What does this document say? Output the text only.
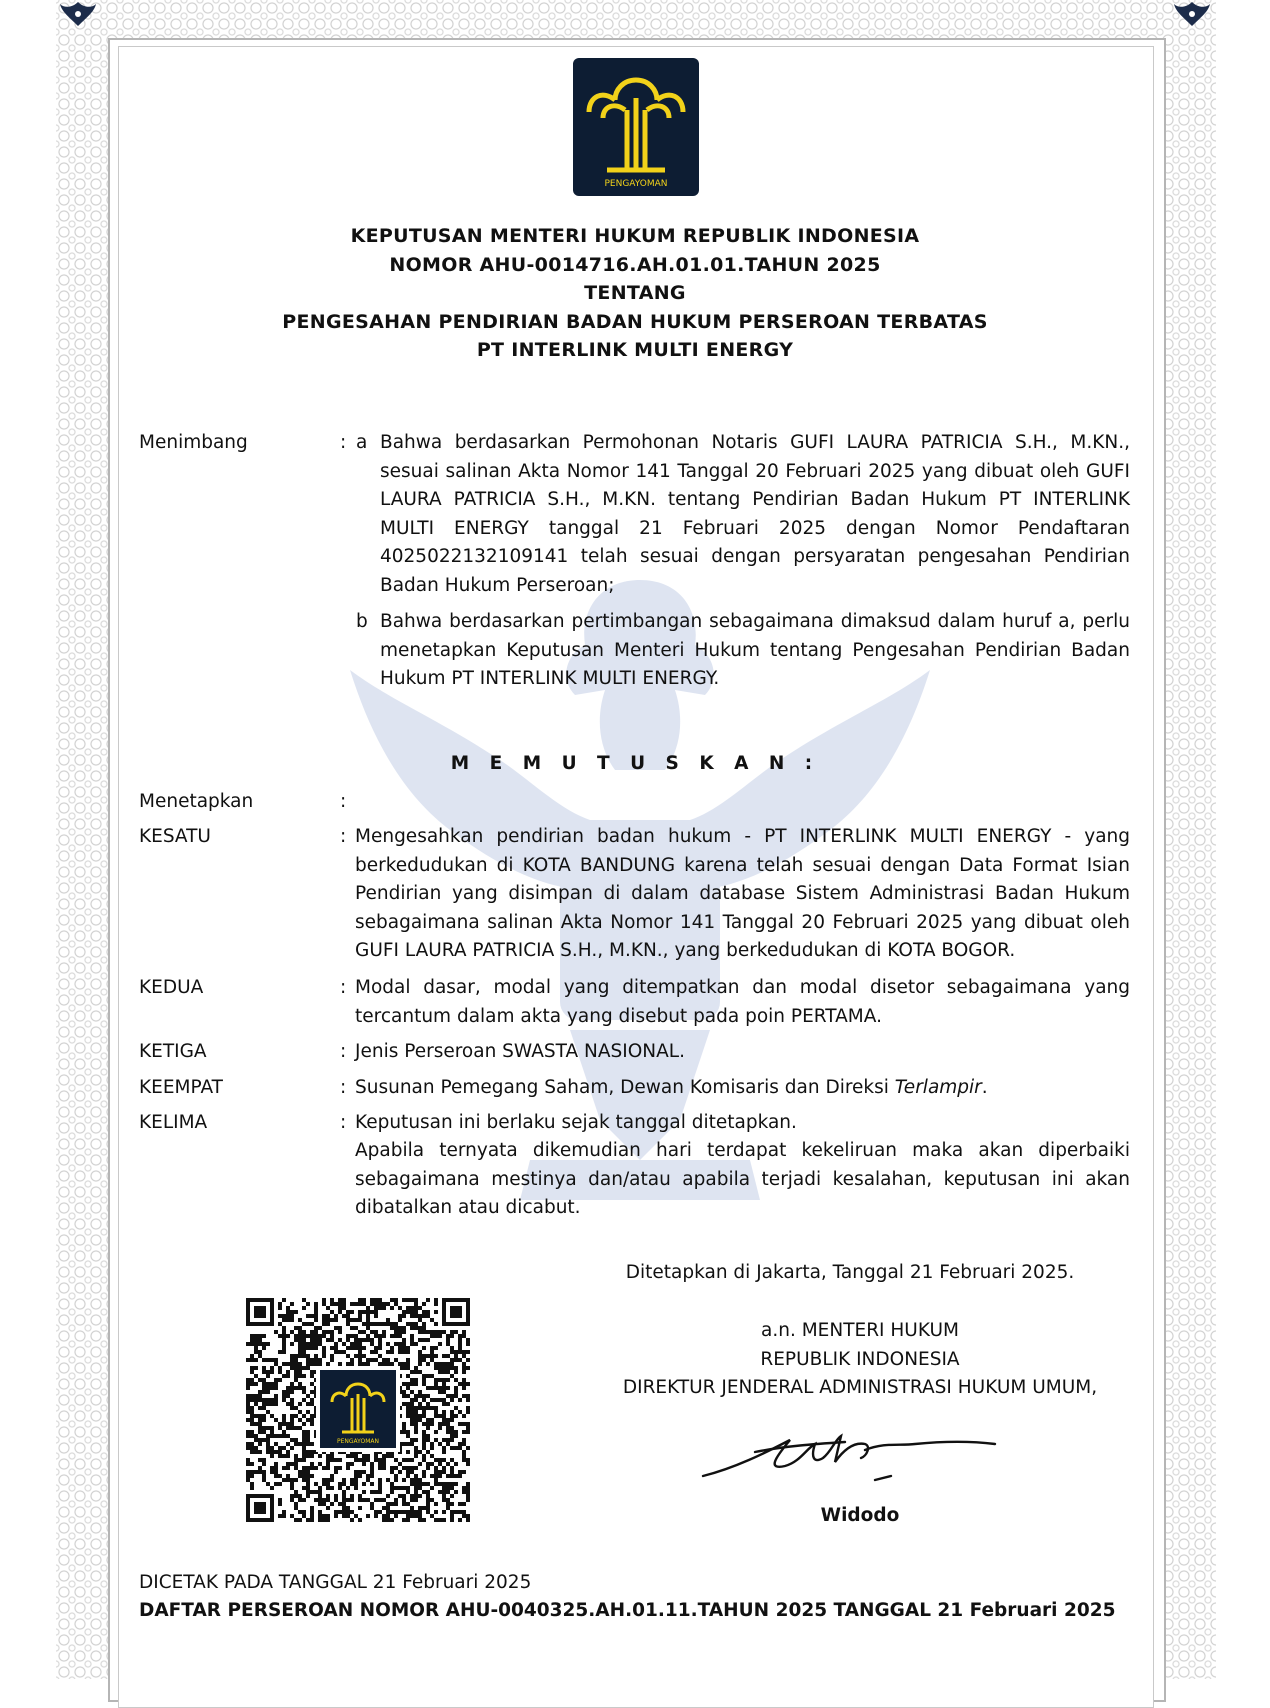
PENGAYOMAN
KEPUTUSAN MENTERI HUKUM REPUBLIK INDONESIA
NOMOR AHU-0014716.AH.01.01.TAHUN 2025
TENTANG
PENGESAHAN PENDIRIAN BADAN HUKUM PERSEROAN TERBATAS
PT INTERLINK MULTI ENERGY
Menimbang	: a Bahwa berdasarkan Permohonan Notaris GUFI LAURA PATRICIA S.H., M.KN., sesuai salinan Akta Nomor 141 Tanggal 20 Februari 2025 yang dibuat oleh GUFI LAURA PATRICIA S.H., M.KN. tentang Pendirian Badan Hukum PT INTERLINK MULTI ENERGY tanggal 21 Februari 2025 dengan Nomor Pendaftaran 4025022132109141 telah sesuai dengan persyaratan pengesahan Pendirian Badan Hukum Perseroan;
b Bahwa berdasarkan pertimbangan sebagaimana dimaksud dalam huruf a, perlu menetapkan Keputusan Menteri Hukum tentang Pengesahan Pendirian Badan Hukum PT INTERLINK MULTI ENERGY.
M E M U T U S K A N :
Menetapkan	:
KESATU	: Mengesahkan pendirian badan hukum - PT INTERLINK MULTI ENERGY - yang berkedudukan di KOTA BANDUNG karena telah sesuai dengan Data Format Isian Pendirian yang disimpan di dalam database Sistem Administrasi Badan Hukum sebagaimana salinan Akta Nomor 141 Tanggal 20 Februari 2025 yang dibuat oleh GUFI LAURA PATRICIA S.H., M.KN., yang berkedudukan di KOTA BOGOR.
KEDUA	: Modal dasar, modal yang ditempatkan dan modal disetor sebagaimana yang tercantum dalam akta yang disebut pada poin PERTAMA.
KETIGA	: Jenis Perseroan SWASTA NASIONAL.
KEEMPAT	: Susunan Pemegang Saham, Dewan Komisaris dan Direksi Terlampir.
KELIMA	: Keputusan ini berlaku sejak tanggal ditetapkan.
Apabila ternyata dikemudian hari terdapat kekeliruan maka akan diperbaiki sebagaimana mestinya dan/atau apabila terjadi kesalahan, keputusan ini akan dibatalkan atau dicabut.
Ditetapkan di Jakarta, Tanggal 21 Februari 2025.
a.n. MENTERI HUKUM
REPUBLIK INDONESIA
DIREKTUR JENDERAL ADMINISTRASI HUKUM UMUM,
Widodo
PENGAYOMAN
DICETAK PADA TANGGAL 21 Februari 2025
DAFTAR PERSEROAN NOMOR AHU-0040325.AH.01.11.TAHUN 2025 TANGGAL 21 Februari 2025
